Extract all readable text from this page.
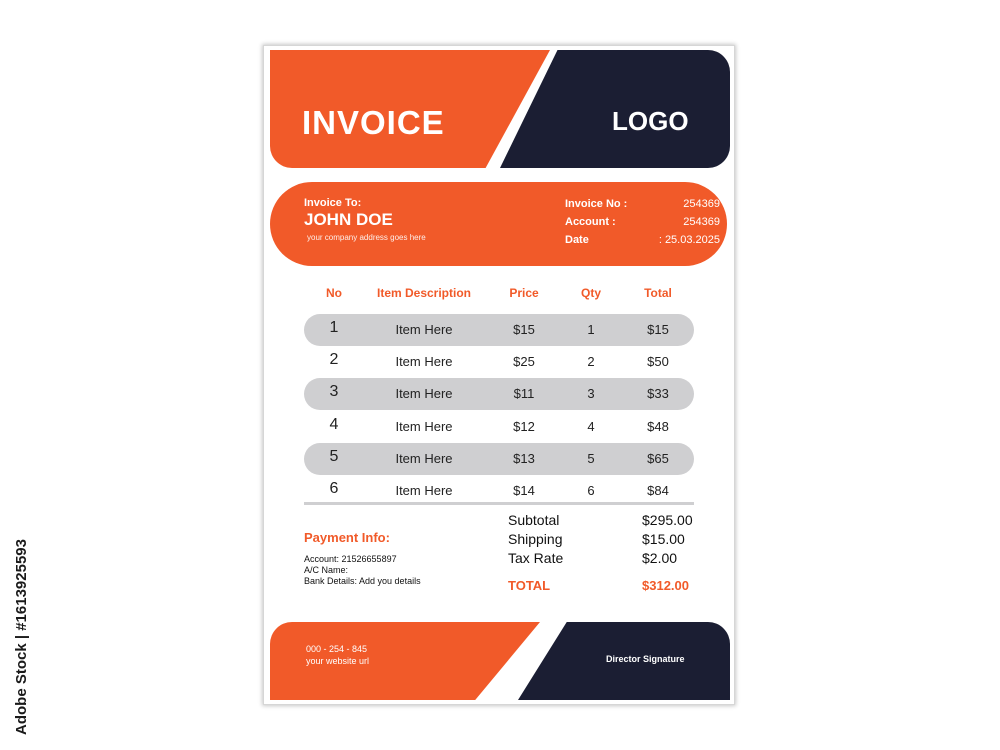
INVOICE	LOGO
Invoice To:
JOHN DOE
your company address goes here
Invoice No :	254369
Account :	254369
Date	: 25.03.2025
No	Item Description	Price	Qty	Total
1	Item Here	$15	1	$15
2	Item Here	$25	2	$50
3	Item Here	$11	3	$33
4	Item Here	$12	4	$48
5	Item Here	$13	5	$65
6	Item Here	$14	6	$84
Payment Info:
Account: 21526655897
A/C Name:
Bank Details: Add you details
Subtotal	$295.00
Shipping	$15.00
Tax Rate	$2.00
TOTAL	$312.00
000 - 254 - 845
your website url	Director Signature
Adobe Stock | #1613925593
